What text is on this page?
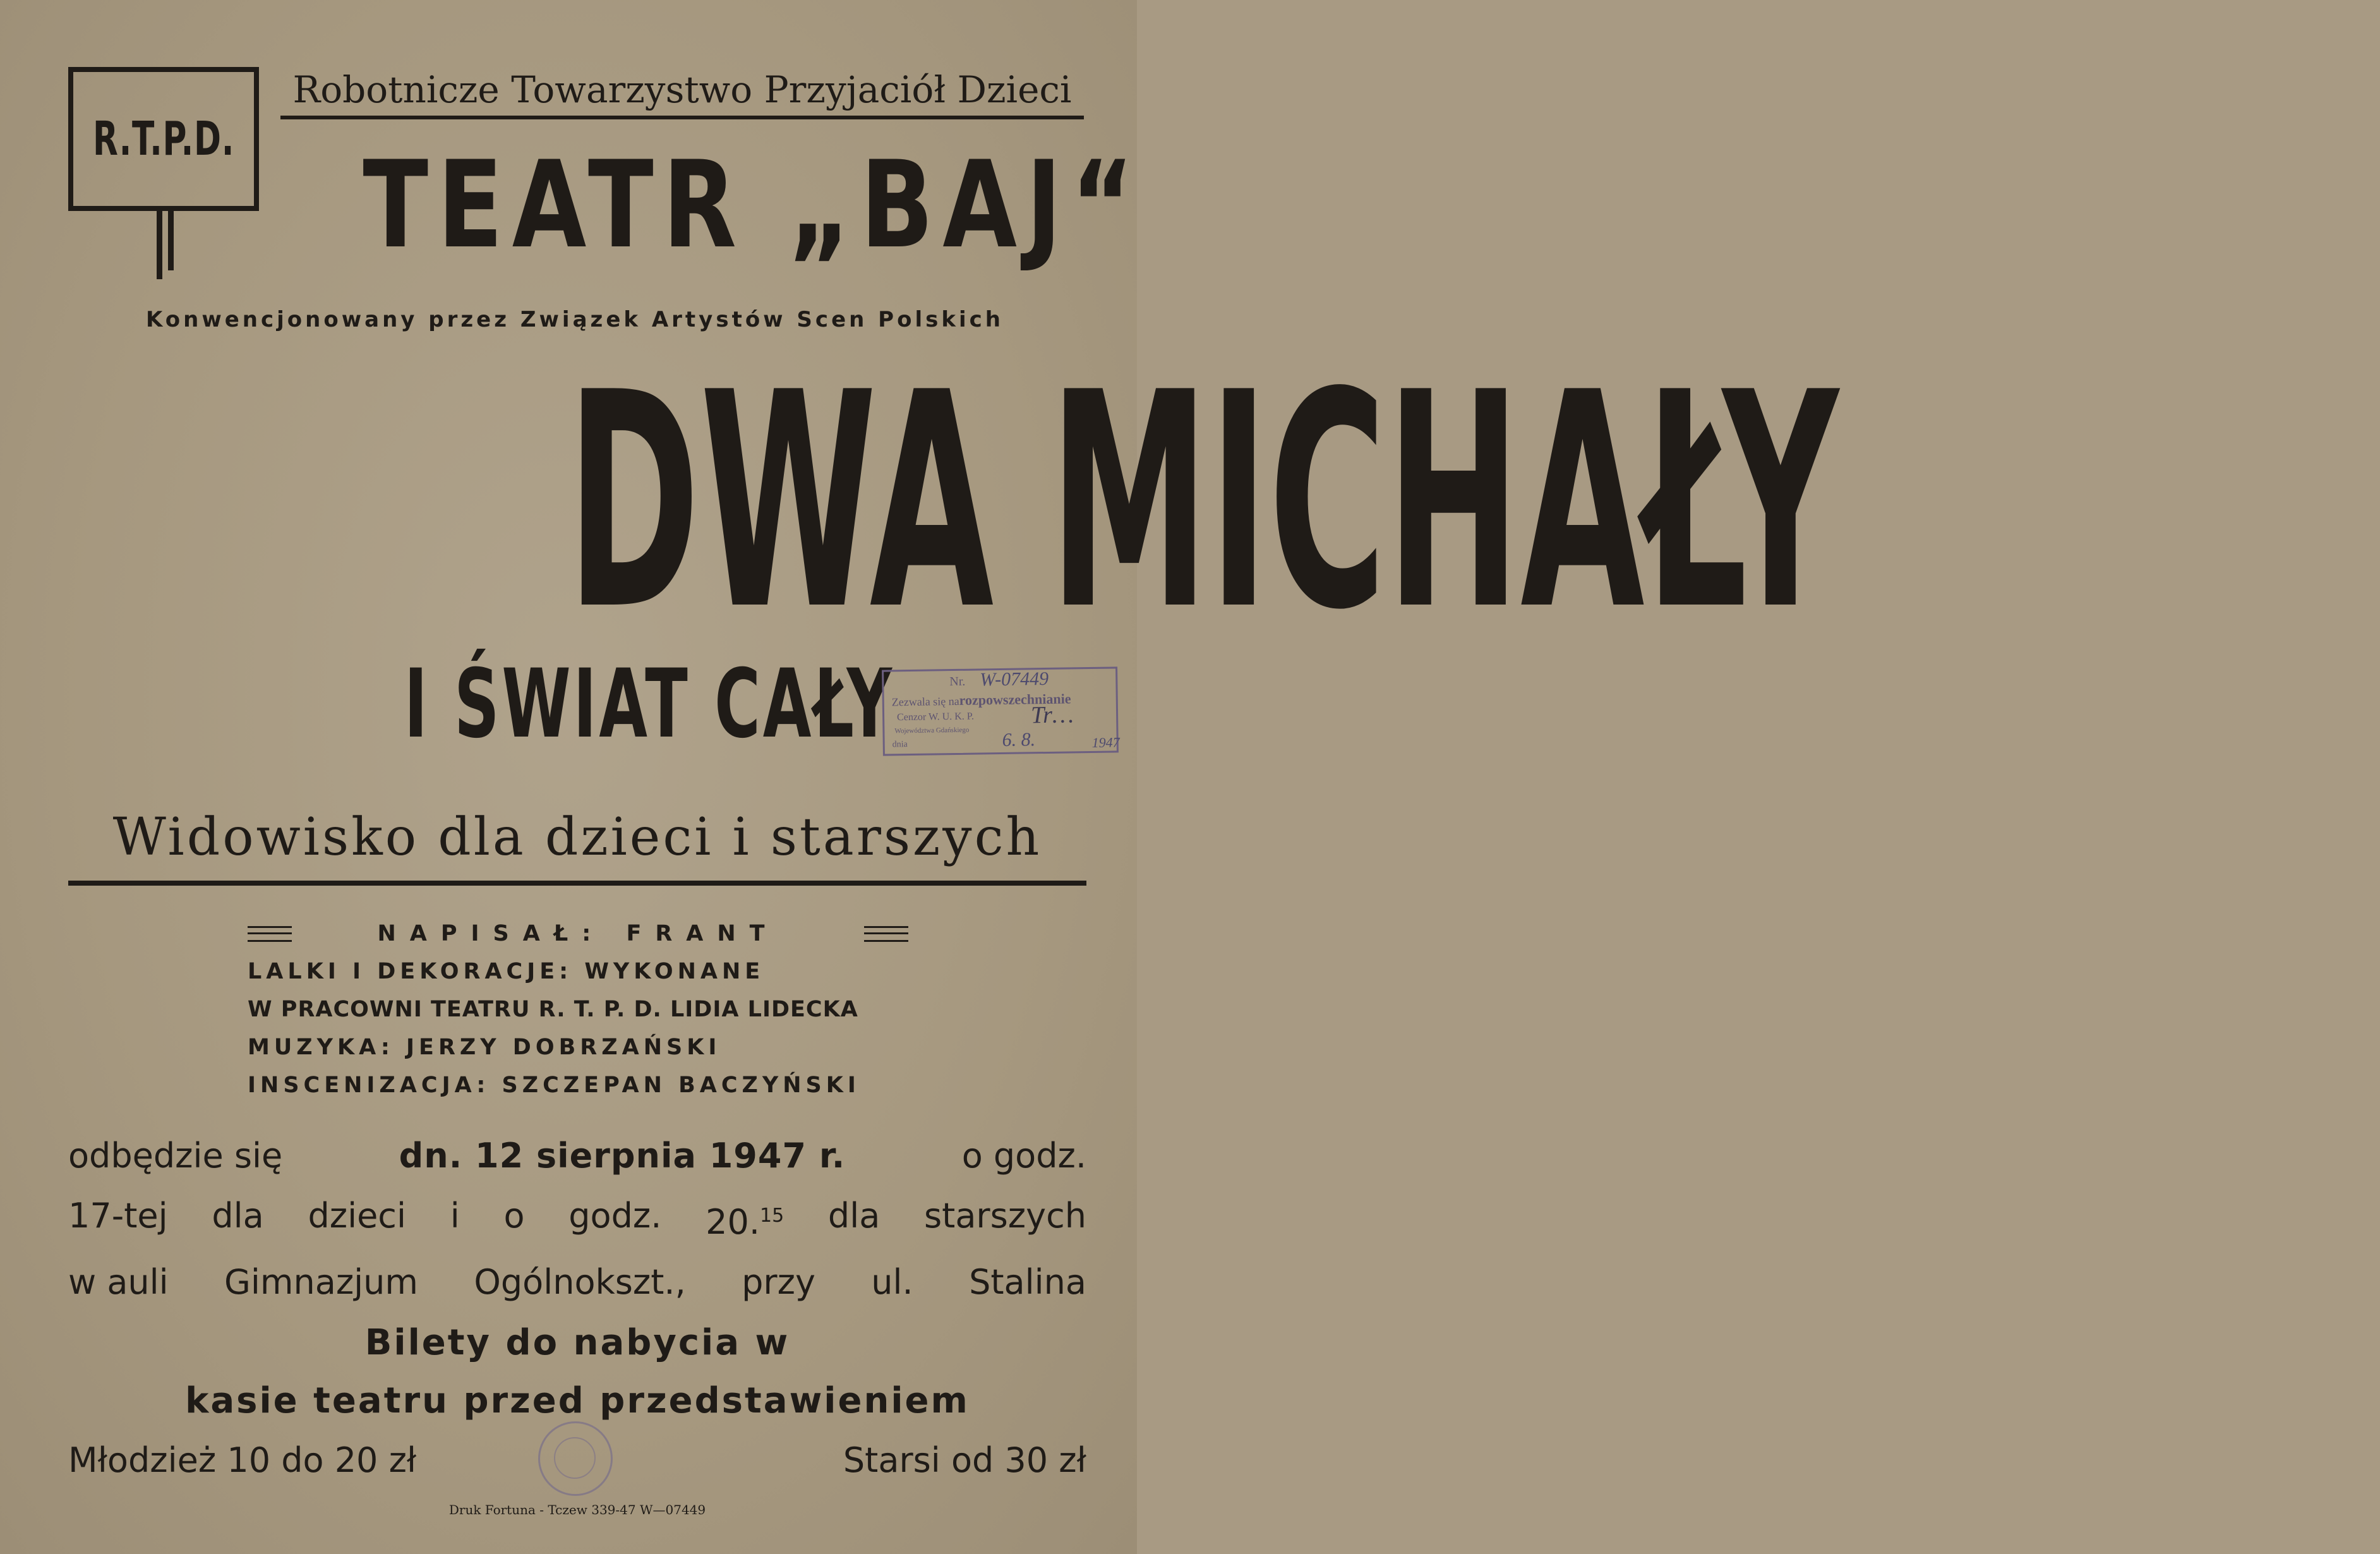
R.T.P.D.
Robotnicze Towarzystwo Przyjaciół Dzieci
TEATR „BAJ“
Konwencjonowany przez Związek Artystów Scen Polskich
DWA MICHAŁY
I ŚWIAT CAŁY	Nr. W-07449
Zezwala się narozpowszechnianie
Cenzor W. U. K. P. Tr…
Województwa Gdańskiego
dnia	6. 8.	1947
Widowisko dla dzieci i starszych
NAPISAŁ: FRANT
LALKI I DEKORACJE: WYKONANE
W PRACOWNI TEATRU R. T. P. D. LIDIA LIDECKA
MUZYKA: JERZY DOBRZAŃSKI
INSCENIZACJA: SZCZEPAN BACZYŃSKI
odbędzie się	dn. 12 sierpnia 1947 r.	o godz.
17-tej dla dzieci i o godz. 20.15 dla starszych
w auli Gimnazjum Ogólnokszt., przy ul. Stalina
Bilety do nabycia w
kasie teatru przed przedstawieniem
Młodzież 10 do 20 zł	Starsi od 30 zł
Druk Fortuna - Tczew 339-47 W—07449
